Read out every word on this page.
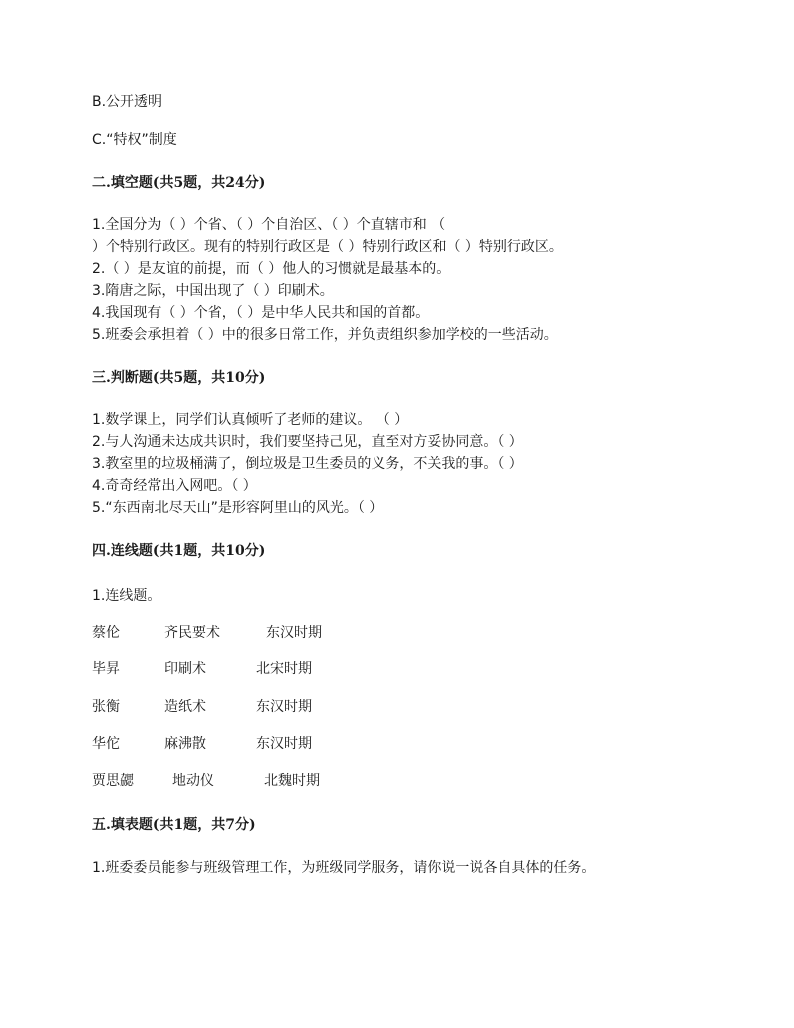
B.公开透明
C.“特权”制度
二.填空题(共5题，共24分)
1.全国分为（ ）个省、（ ）个自治区、（ ）个直辖市和 （
）个特别行政区。现有的特别行政区是（ ）特别行政区和（ ）特别行政区。
2.（ ）是友谊的前提，而（ ）他人的习惯就是最基本的。
3.隋唐之际，中国出现了（ ）印刷术。
4.我国现有（ ）个省，（ ）是中华人民共和国的首都。
5.班委会承担着（ ）中的很多日常工作，并负责组织参加学校的一些活动。
三.判断题(共5题，共10分)
1.数学课上，同学们认真倾听了老师的建议。 （ ）
2.与人沟通未达成共识时，我们要坚持己见，直至对方妥协同意。（ ）
3.教室里的垃圾桶满了，倒垃圾是卫生委员的义务，不关我的事。（ ）
4.奇奇经常出入网吧。（ ）
5.“东西南北尽天山”是形容阿里山的风光。（ ）
四.连线题(共1题，共10分)
1.连线题。
蔡伦	齐民要术	东汉时期
毕昇	印刷术	北宋时期
张衡	造纸术	东汉时期
华佗	麻沸散	东汉时期
贾思勰	地动仪	北魏时期
五.填表题(共1题，共7分)
1.班委委员能参与班级管理工作，为班级同学服务，请你说一说各自具体的任务。
